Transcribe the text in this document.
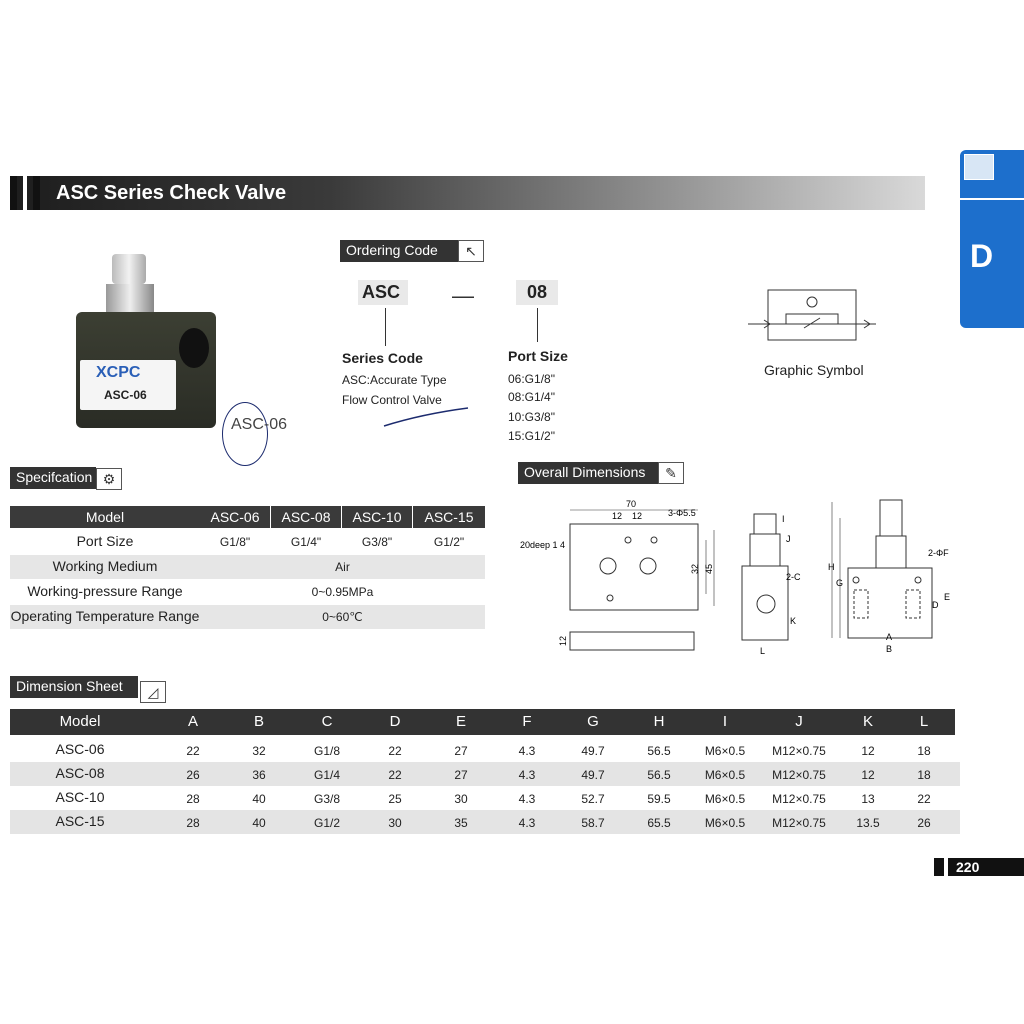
ASC Series Check Valve
D
XCPC
ASC-06
ASC-06
Ordering Code	↖
ASC	—	08
Series Code
ASC:Accurate Type
Flow Control Valve
Port Size
06:G1/8"
08:G1/4"
10:G3/8"
15:G1/2"
Graphic Symbol
Specifcation ⚙
Model	ASC-06	ASC-08	ASC-10	ASC-15
Port Size	G1/8"	G1/4"	G3/8"	G1/2"
Working Medium	Air
Working-pressure Range	0~0.95MPa
Operating Temperature Range	0~60℃
Overall Dimensions	✎
70
12 12	3-Φ5.5
20deep 1 4
32 45
12
I
J
2-C
K
L
H
G
2-ΦF
D
E
A
B
Dimension Sheet	◿
Model	A	B	C	D	E	F	G	H	I	J	K	L
ASC-06	22	32	G1/8	22	27	4.3	49.7	56.5	M6×0.5	M12×0.75	12	18
ASC-08	26	36	G1/4	22	27	4.3	49.7	56.5	M6×0.5	M12×0.75	12	18
ASC-10	28	40	G3/8	25	30	4.3	52.7	59.5	M6×0.5	M12×0.75	13	22
ASC-15	28	40	G1/2	30	35	4.3	58.7	65.5	M6×0.5	M12×0.75	13.5	26
220
